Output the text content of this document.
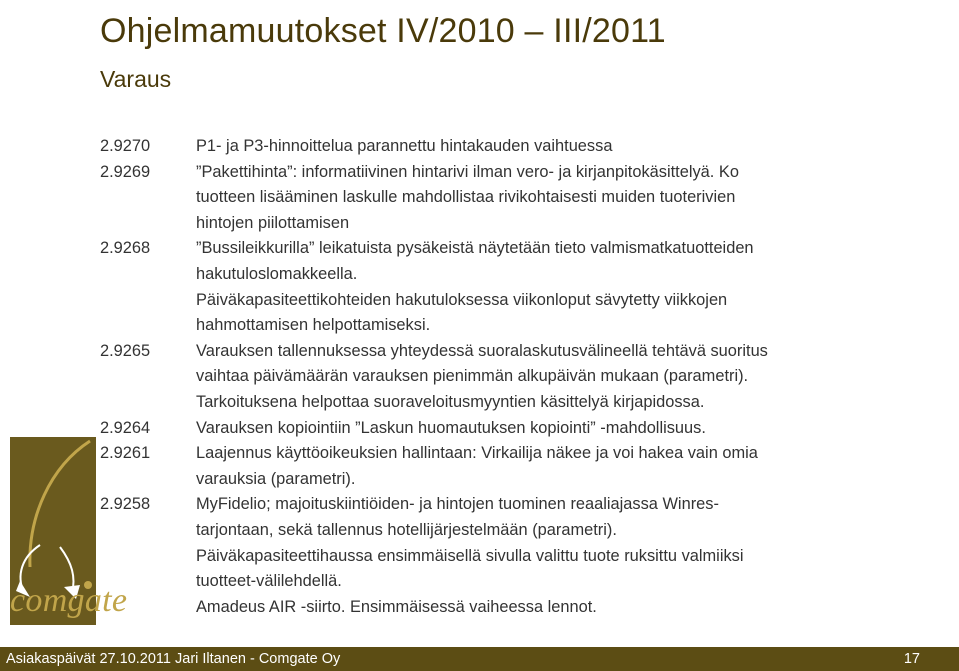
Ohjelmamuutokset IV/2010 – III/2011
Varaus
2.9270	P1- ja P3-hinnoittelua parannettu hintakauden vaihtuessa
2.9269	”Pakettihinta”: informatiivinen hintarivi ilman vero- ja kirjanpitokäsittelyä. Ko
tuotteen lisääminen laskulle mahdollistaa rivikohtaisesti muiden tuoterivien
hintojen piilottamisen
2.9268	”Bussileikkurilla” leikatuista pysäkeistä näytetään tieto valmismatkatuotteiden
hakutuloslomakkeella.
Päiväkapasiteettikohteiden hakutuloksessa viikonloput sävytetty viikkojen
hahmottamisen helpottamiseksi.
2.9265	Varauksen tallennuksessa yhteydessä suoralaskutusvälineellä tehtävä suoritus
vaihtaa päivämäärän varauksen pienimmän alkupäivän mukaan (parametri).
Tarkoituksena helpottaa suoraveloitusmyyntien käsittelyä kirjapidossa.
2.9264	Varauksen kopiointiin ”Laskun huomautuksen kopiointi” -mahdollisuus.
2.9261	Laajennus käyttöoikeuksien hallintaan: Virkailija näkee ja voi hakea vain omia
varauksia (parametri).
2.9258	MyFidelio; majoituskiintiöiden- ja hintojen tuominen reaaliajassa Winres-
tarjontaan, sekä tallennus hotellijärjestelmään (parametri).
Päiväkapasiteettihaussa ensimmäisellä sivulla valittu tuote ruksittu valmiiksi
tuotteet-välilehdellä.
Amadeus AIR -siirto. Ensimmäisessä vaiheessa lennot.
comgate
Asiakaspäivät 27.10.2011 Jari Iltanen - Comgate Oy	17
